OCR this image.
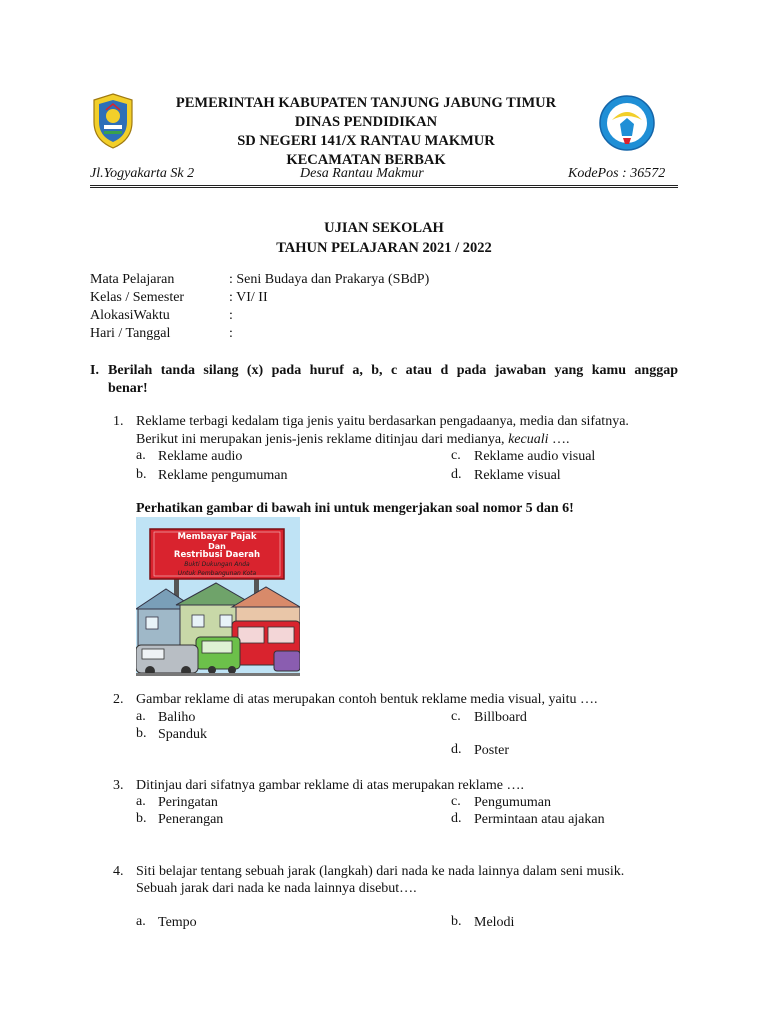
PEMERINTAH KABUPATEN TANJUNG JABUNG TIMUR
DINAS PENDIDIKAN
SD NEGERI 141/X RANTAU MAKMUR
KECAMATAN BERBAK
Jl.Yogyakarta Sk 2	Desa Rantau Makmur	KodePos : 36572
UJIAN SEKOLAH
TAHUN PELAJARAN 2021 / 2022
Mata Pelajaran	: Seni Budaya dan Prakarya (SBdP)
Kelas / Semester	: VI/ II
AlokasiWaktu	:
Hari / Tanggal	:
I. Berilah tanda silang (x) pada huruf a, b, c atau d pada jawaban yang kamu anggap
benar!
1. Reklame terbagi kedalam tiga jenis yaitu berdasarkan pengadaanya, media dan sifatnya.
Berikut ini merupakan jenis-jenis reklame ditinjau dari medianya, kecuali ….
a. Reklame audio
b. Reklame pengumuman
c. Reklame audio visual
d. Reklame visual
Perhatikan gambar di bawah ini untuk mengerjakan soal nomor 5 dan 6!
Membayar Pajak
Dan
Restribusi Daerah
Bukti Dukungan Anda
Untuk Pembangunan Kota
2. Gambar reklame di atas merupakan contoh bentuk reklame media visual, yaitu ….
a. Baliho
b. Spanduk
c. Billboard
d. Poster
3. Ditinjau dari sifatnya gambar reklame di atas merupakan reklame ….
a. Peringatan
b. Penerangan
c. Pengumuman
d. Permintaan atau ajakan
4. Siti belajar tentang sebuah jarak (langkah) dari nada ke nada lainnya dalam seni musik.
Sebuah jarak dari nada ke nada lainnya disebut….
a. Tempo	b. Melodi
